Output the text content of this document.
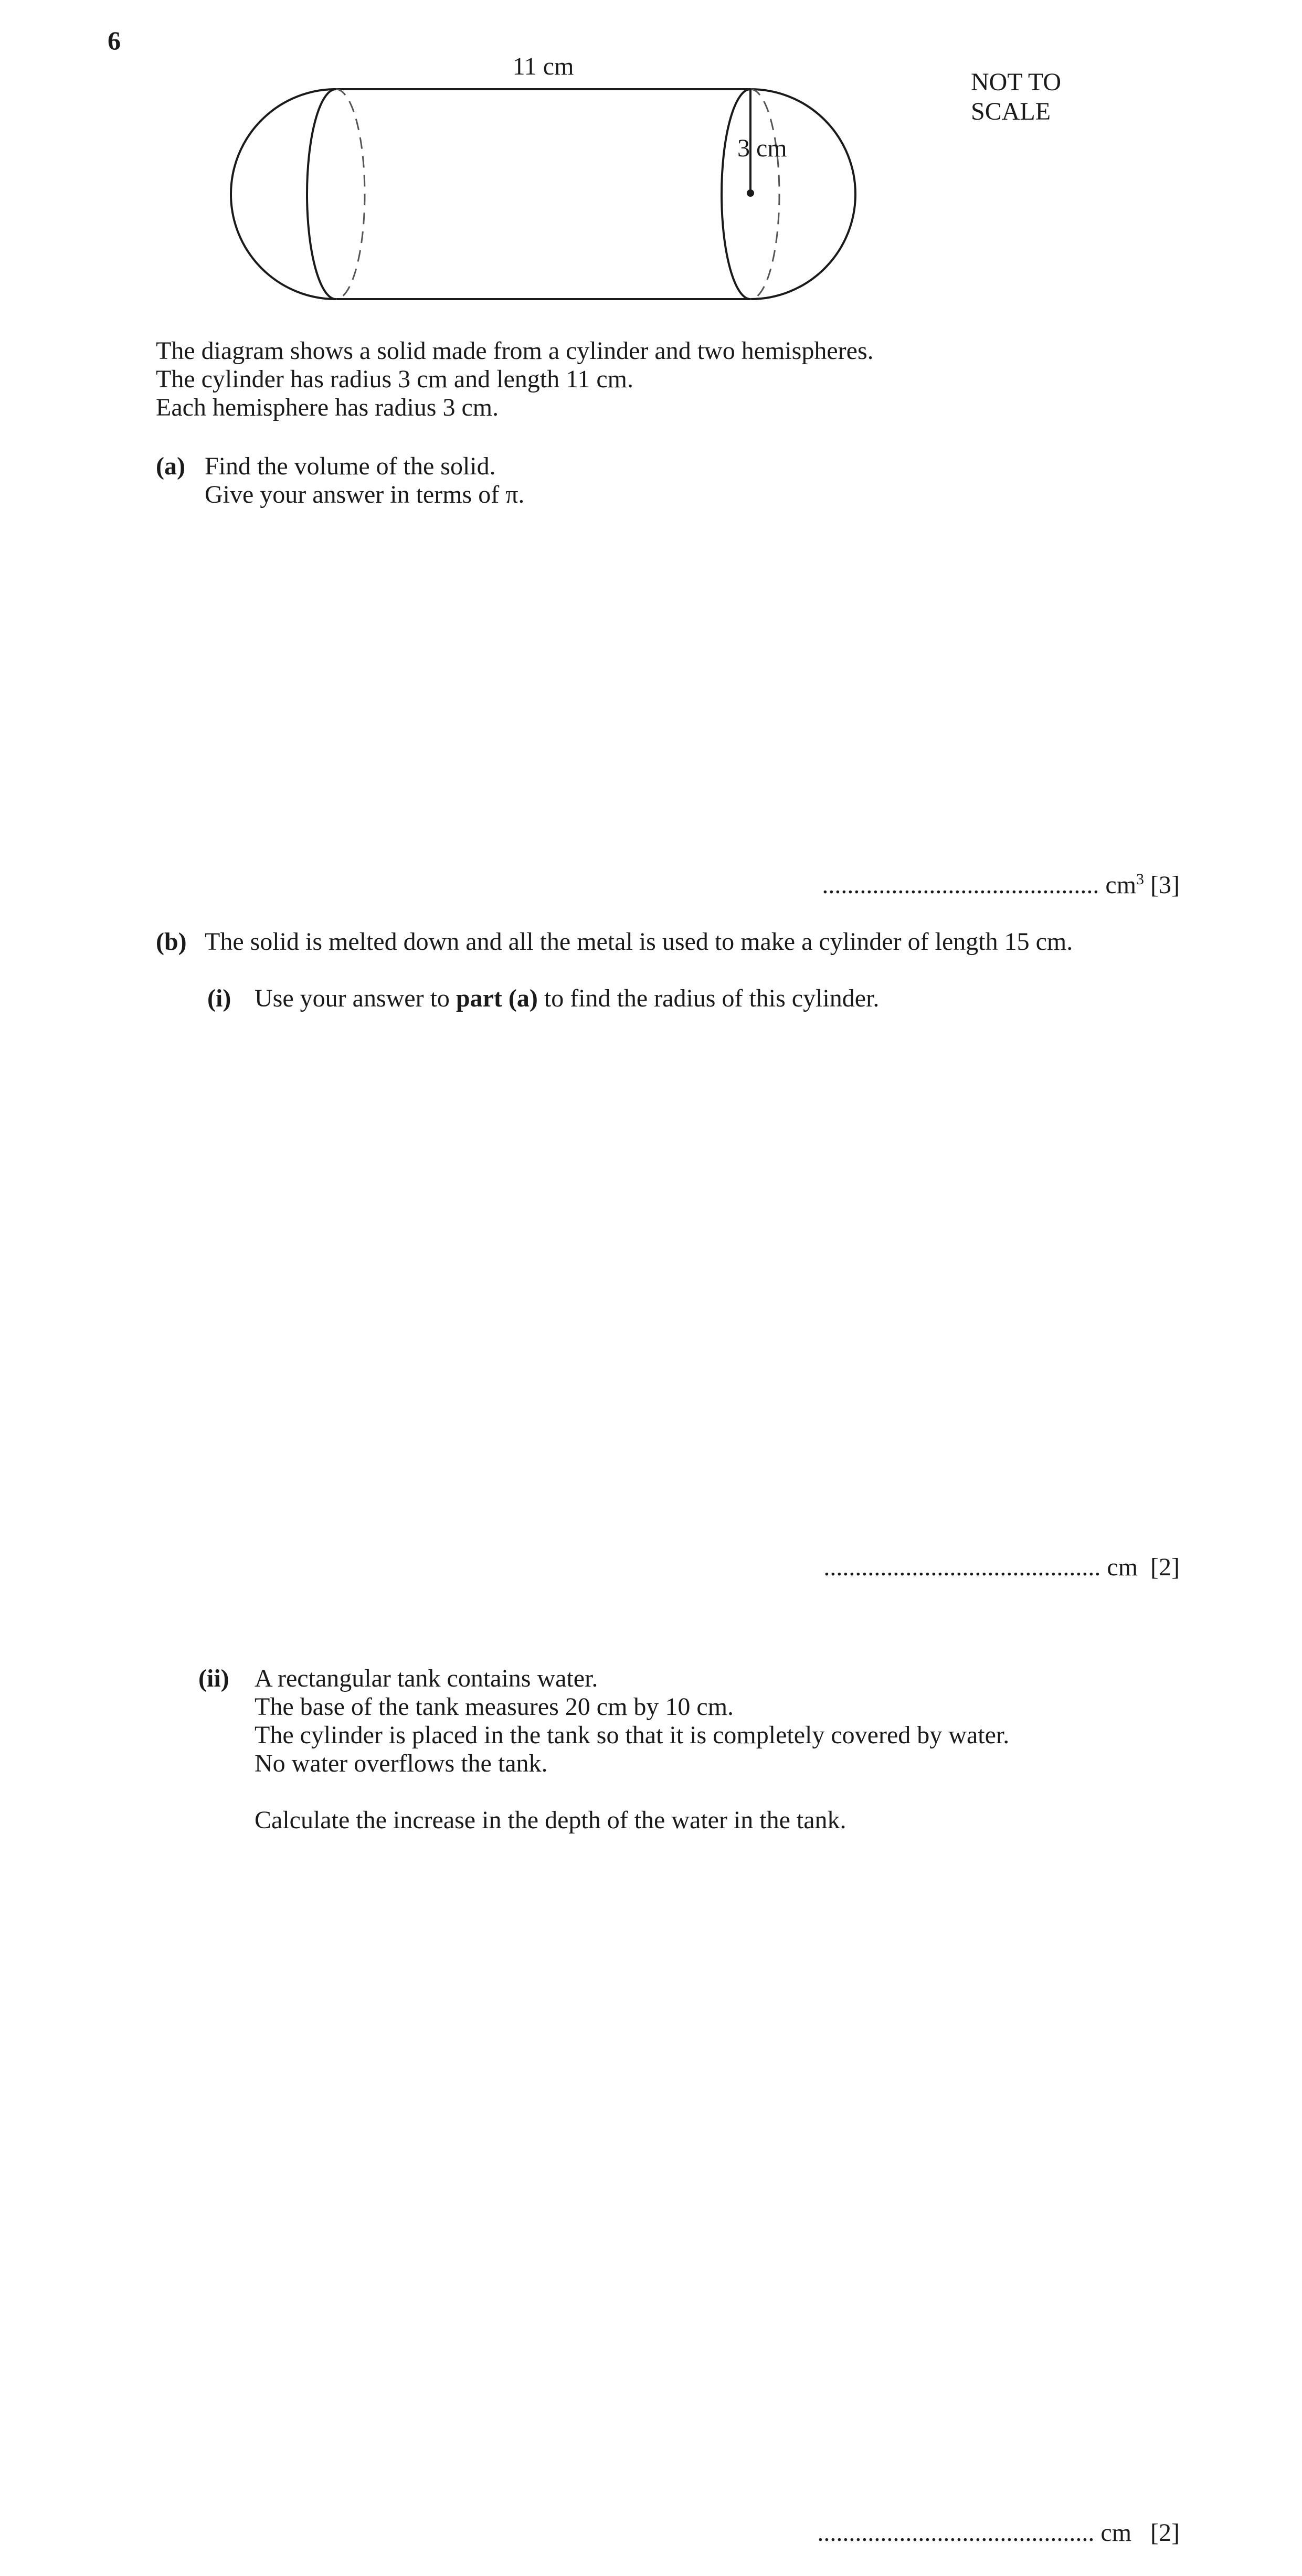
6
11 cm
3 cm
NOT TO
SCALE
The diagram shows a solid made from a cylinder and two hemispheres.
The cylinder has radius 3 cm and length 11 cm.
Each hemisphere has radius 3 cm.
(a) Find the volume of the solid.
Give your answer in terms of π.
............................................ $cm^3$ [3]
(b) The solid is melted down and all the metal is used to make a cylinder of length 15 cm.
(i) Use your answer to part (a) to find the radius of this cylinder.
............................................ cm [2]
(ii) A rectangular tank contains water.
The base of the tank measures 20 cm by 10 cm.
The cylinder is placed in the tank so that it is completely covered by water.
No water overflows the tank.
Calculate the increase in the depth of the water in the tank.
............................................ cm [2]
